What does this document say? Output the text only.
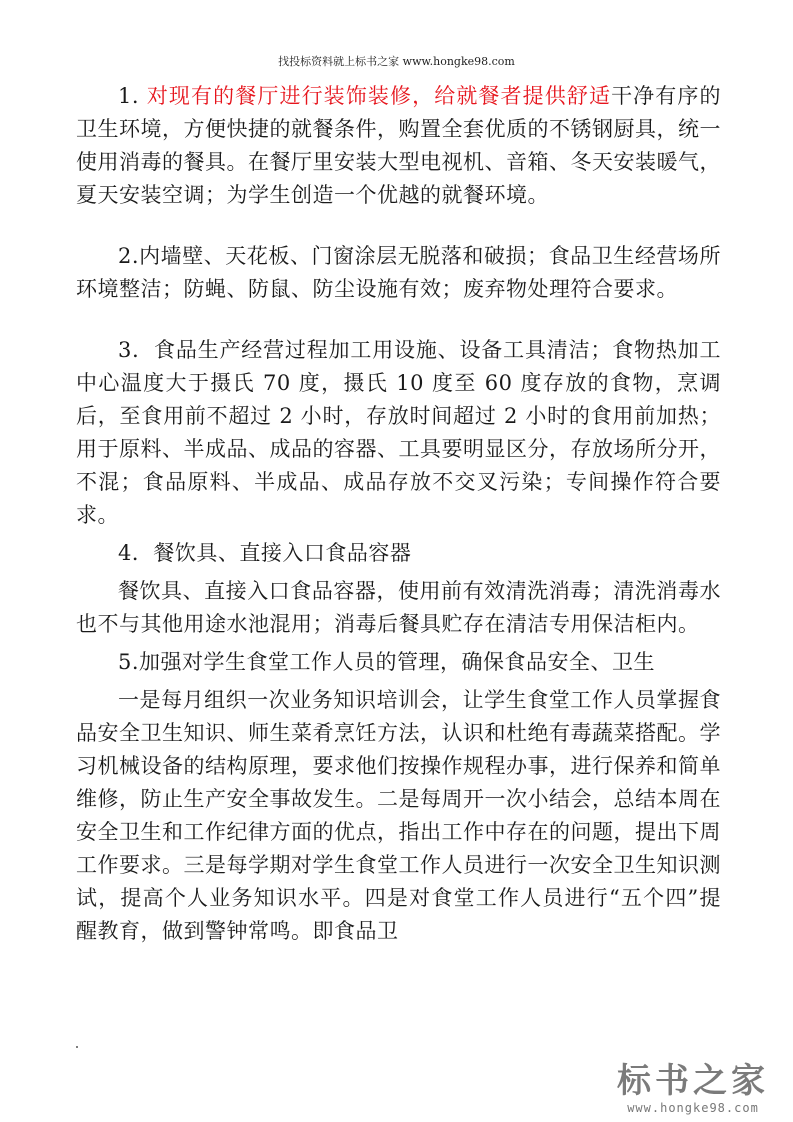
找投标资料就上标书之家 www.hongke98.com

1. 对现有的餐厅进行装饰装修，给就餐者提供舒适干净有序的卫生环境，方便快捷的就餐条件，购置全套优质的不锈钢厨具，统一使用消毒的餐具。在餐厅里安装大型电视机、音箱、冬天安装暖气，夏天安装空调；为学生创造一个优越的就餐环境。

2.内墙壁、天花板、门窗涂层无脱落和破损；食品卫生经营场所环境整洁；防蝇、防鼠、防尘设施有效；废弃物处理符合要求。

3．食品生产经营过程加工用设施、设备工具清洁；食物热加工中心温度大于摄氏 70 度，摄氏 10 度至 60 度存放的食物，烹调后，至食用前不超过 2 小时，存放时间超过 2 小时的食用前加热；用于原料、半成品、成品的容器、工具要明显区分，存放场所分开，不混；食品原料、半成品、成品存放不交叉污染；专间操作符合要求。

4．餐饮具、直接入口食品容器

餐饮具、直接入口食品容器，使用前有效清洗消毒；清洗消毒水也不与其他用途水池混用；消毒后餐具贮存在清洁专用保洁柜内。

5.加强对学生食堂工作人员的管理，确保食品安全、卫生

一是每月组织一次业务知识培训会，让学生食堂工作人员掌握食品安全卫生知识、师生菜肴烹饪方法，认识和杜绝有毒蔬菜搭配。学习机械设备的结构原理，要求他们按操作规程办事，进行保养和简单维修，防止生产安全事故发生。二是每周开一次小结会，总结本周在安全卫生和工作纪律方面的优点，指出工作中存在的问题，提出下周工作要求。三是每学期对学生食堂工作人员进行一次安全卫生知识测试，提高个人业务知识水平。四是对食堂工作人员进行“五个四”提醒教育，做到警钟常鸣。即食品卫

标书之家
www.hongke98.com
